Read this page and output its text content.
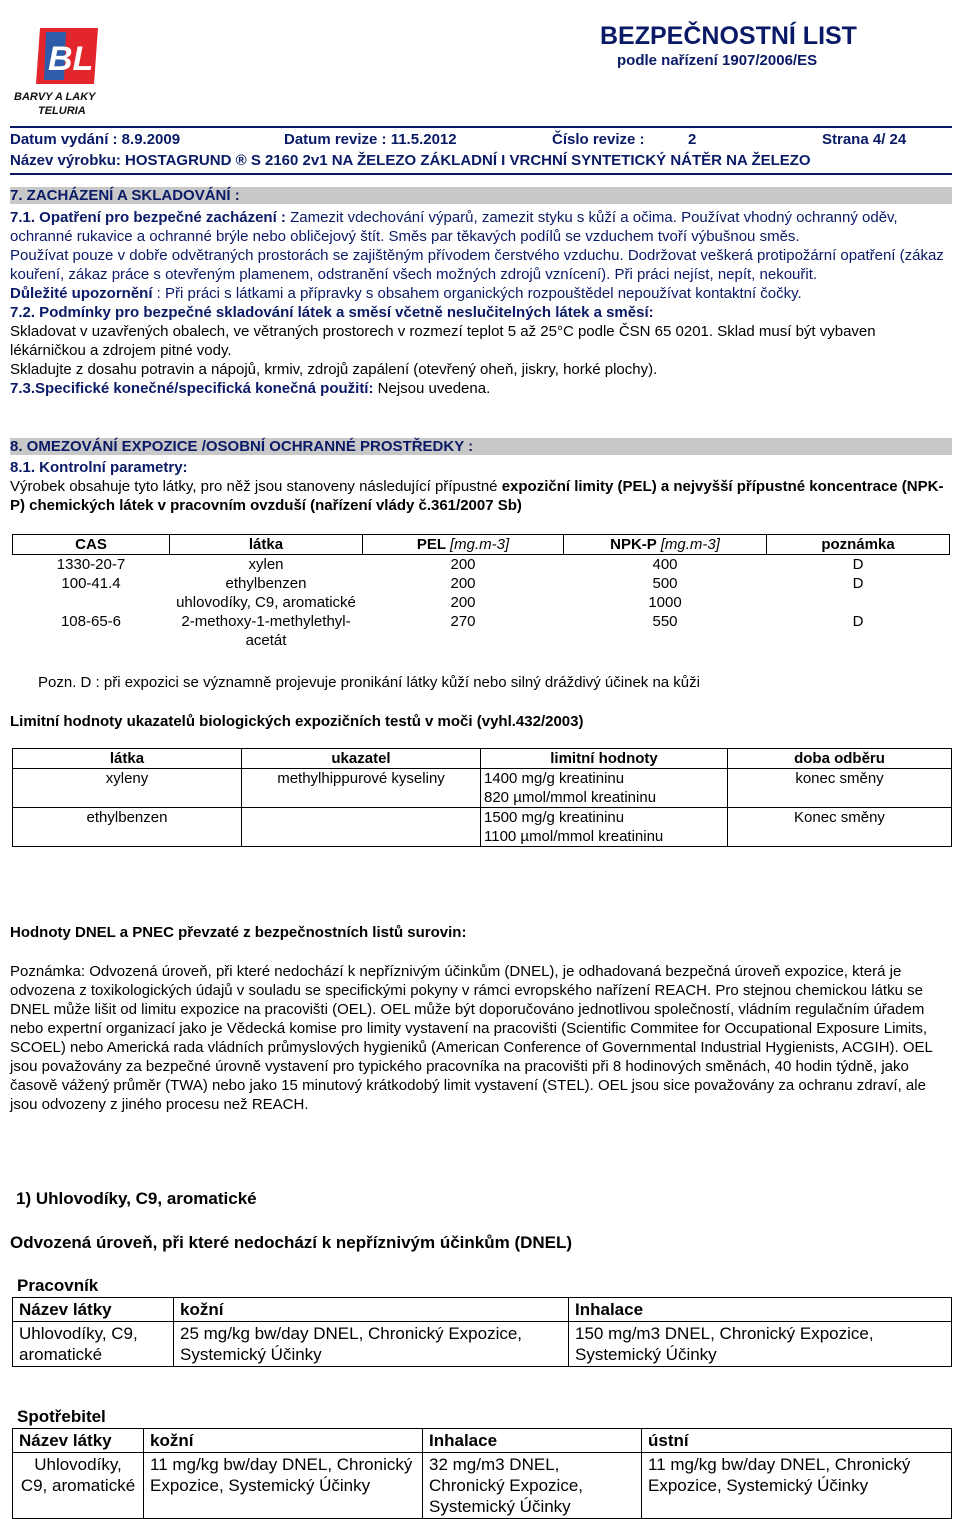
BL
BARVY A LAKY
TELURIA
BEZPEČNOSTNÍ LIST
podle nařízení 1907/2006/ES
Datum vydání : 8.9.2009	Datum revize : 11.5.2012	Číslo revize :	2	Strana 4/ 24
Název výrobku: HOSTAGRUND ® S 2160 2v1 NA ŽELEZO ZÁKLADNÍ I VRCHNÍ SYNTETICKÝ NÁTĚR NA ŽELEZO
7. ZACHÁZENÍ A SKLADOVÁNÍ :

7.1. Opatření pro bezpečné zacházení : Zamezit vdechování výparů, zamezit styku s kůží a očima. Používat vhodný ochranný oděv, ochranné rukavice a ochranné brýle nebo obličejový štít. Směs par těkavých podílů se vzduchem tvoří výbušnou směs.

Používat pouze v dobře odvětraných prostorách se zajištěným přívodem čerstvého vzduchu. Dodržovat veškerá protipožární opatření (zákaz kouření, zákaz práce s otevřeným plamenem, odstranění všech možných zdrojů vznícení). Při práci nejíst, nepít, nekouřit.

Důležité upozornění : Při práci s látkami a přípravky s obsahem organických rozpouštědel nepoužívat kontaktní čočky.

7.2. Podmínky pro bezpečné skladování látek a směsí včetně neslučitelných látek a směsí:

Skladovat v uzavřených obalech, ve větraných prostorech v rozmezí teplot 5 až 25°C podle ČSN 65 0201. Sklad musí být vybaven lékárničkou a zdrojem pitné vody.

Skladujte z dosahu potravin a nápojů, krmiv, zdrojů zapálení (otevřený oheň, jiskry, horké plochy).

7.3.Specifické konečné/specifická konečná použití: Nejsou uvedena.

8. OMEZOVÁNÍ EXPOZICE /OSOBNÍ OCHRANNÉ PROSTŘEDKY :

8.1. Kontrolní parametry:

Výrobek obsahuje tyto látky, pro něž jsou stanoveny následující přípustné expoziční limity (PEL) a nejvyšší přípustné koncentrace (NPK-P) chemických látek v pracovním ovzduší (nařízení vlády č.361/2007 Sb)

CAS	látka	PEL [mg.m-3]	NPK-P [mg.m-3]	poznámka
1330-20-7	xylen	200	400	D
100-41.4	ethylbenzen	200	500	D
	uhlovodíky, C9, aromatické	200	1000	
108-65-6	2-methoxy-1-methylethyl-acetát	270	550	D
Pozn. D : při expozici se významně projevuje pronikání látky kůží nebo silný dráždivý účinek na kůži
Limitní hodnoty ukazatelů biologických expozičních testů v moči (vyhl.432/2003)
látka	ukazatel	limitní hodnoty	doba odběru
xyleny	methylhippurové kyseliny	1400 mg/g kreatininu
820 µmol/mmol kreatininu	konec směny
ethylbenzen		1500 mg/g kreatininu
1100 µmol/mmol kreatininu	Konec směny
Hodnoty DNEL a PNEC převzaté z bezpečnostních listů surovin:
Poznámka: Odvozená úroveň, při které nedochází k nepříznivým účinkům (DNEL), je odhadovaná bezpečná úroveň expozice, která je odvozena z toxikologických údajů v souladu se specifickými pokyny v rámci evropského nařízení REACH. Pro stejnou chemickou látku se DNEL může lišit od limitu expozice na pracovišti (OEL). OEL může být doporučováno jednotlivou společností, vládním regulačním úřadem nebo expertní organizací jako je Vědecká komise pro limity vystavení na pracovišti (Scientific Commitee for Occupational Exposure Limits, SCOEL) nebo Americká rada vládních průmyslových hygieniků (American Conference of Governmental Industrial Hygienists, ACGIH). OEL jsou považovány za bezpečné úrovně vystavení pro typického pracovníka na pracovišti při 8 hodinových směnách, 40 hodin týdně, jako časově vážený průměr (TWA) nebo jako 15 minutový krátkodobý limit vystavení (STEL). OEL jsou sice považovány za ochranu zdraví, ale jsou odvozeny z jiného procesu než REACH.
1) Uhlovodíky, C9, aromatické
Odvozená úroveň, při které nedochází k nepříznivým účinkům (DNEL)
Pracovník
Název látky	kožní	Inhalace
Uhlovodíky, C9, aromatické	25 mg/kg bw/day DNEL, Chronický Expozice, Systemický Účinky	150 mg/m3 DNEL, Chronický Expozice, Systemický Účinky
Spotřebitel
Název látky	kožní	Inhalace	ústní
Uhlovodíky, C9, aromatické	11 mg/kg bw/day DNEL, Chronický Expozice, Systemický Účinky	32 mg/m3 DNEL, Chronický Expozice, Systemický Účinky	11 mg/kg bw/day DNEL, Chronický Expozice, Systemický Účinky
